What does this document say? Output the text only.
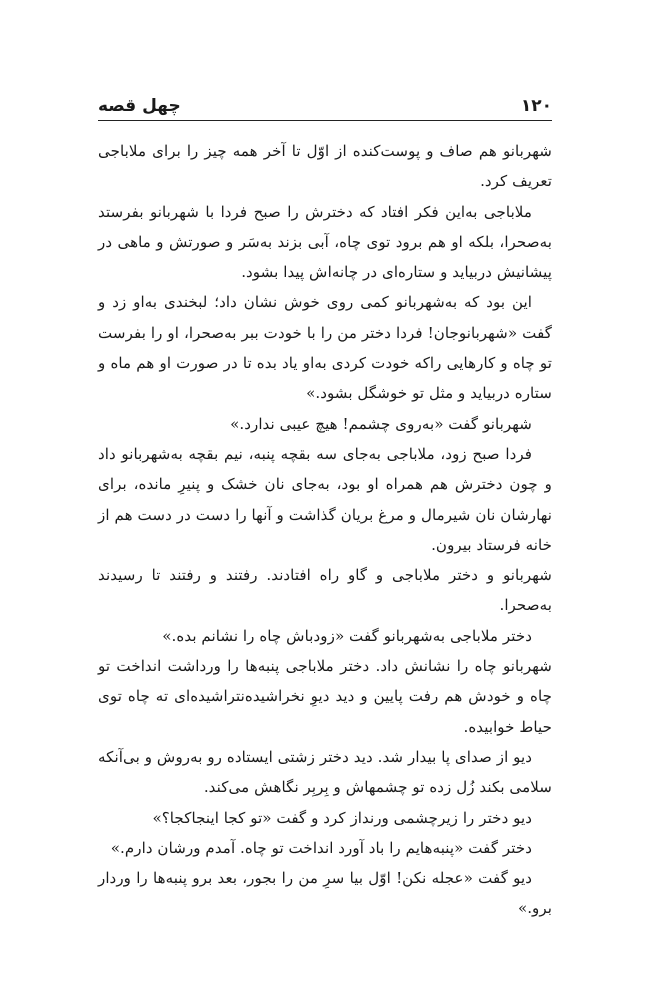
۱۲۰
چهل قصه

شهربانو هم صاف و پوست‌کنده از اوّل تا آخر همه چیز را برای ملاباجی تعریف کرد.

ملاباجی به‌این فکر افتاد که دخترش را صبح فردا با شهربانو بفرستد به‌صحرا، بلکه او هم برود توی چاه، آبی بزند به‌سَر و صورتش و ماهی در پیشانیش دربیاید و ستاره‌ای در چانه‌اش پیدا بشود.

این بود که به‌شهربانو کمی روی خوش نشان داد؛ لبخندی به‌او زد و گفت «شهربانوجان! فردا دختر من را با خودت ببر به‌صحرا، او را بفرست تو چاه و کارهایی راکه خودت کردی به‌او یاد بده تا در صورت او هم ماه و ستاره دربیاید و مثل تو خوشگل بشود.»

شهربانو گفت «به‌روی چشمم! هیچ عیبی ندارد.»

فردا صبح زود، ملاباجی به‌جای سه بقچه پنبه، نیم بقچه به‌شهربانو داد و چون دخترش هم همراه او بود، به‌جای نان خشک و پنیرِ مانده، برای نهارشان نان شیرمال و مرغ بریان گذاشت و آنها را دست در دست هم از خانه فرستاد بیرون.

شهربانو و دختر ملاباجی و گاو راه افتادند. رفتند و رفتند تا رسیدند به‌صحرا.

دختر ملاباجی به‌شهربانو گفت «زودباش چاه را نشانم بده.»

شهربانو چاه را نشانش داد. دختر ملاباجی پنبه‌ها را ورداشت انداخت تو چاه و خودش هم رفت پایین و دید دیوِ نخراشیده‌نتراشیده‌ای ته چاه توی حیاط خوابیده.

دیو از صدای پا بیدار شد. دید دختر زشتی ایستاده رو به‌روش و بی‌آنکه سلامی بکند زُل زده تو چشمهاش و بِربِر نگاهش می‌کند.

دیو دختر را زیرچشمی ورنداز کرد و گفت «تو کجا اینجاکجا؟»

دختر گفت «پنبه‌هایم را باد آورد انداخت تو چاه. آمدم ورشان دارم.»

دیو گفت «عجله نکن! اوّل بیا سرِ من را بجور، بعد برو پنبه‌ها را وردار برو.»
